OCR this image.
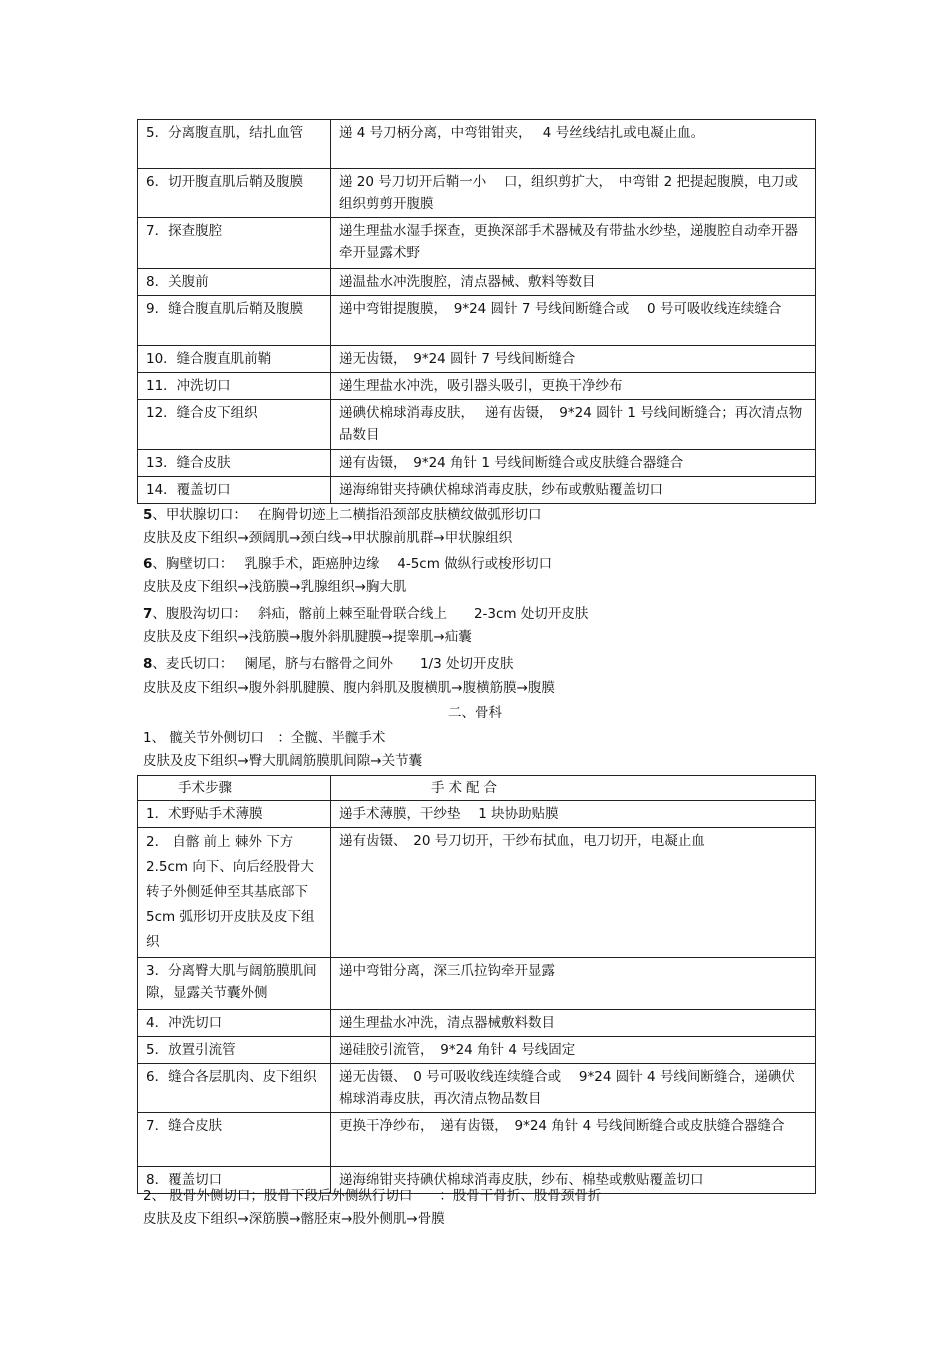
5．分离腹直肌，结扎血管	递 4 号刀柄分离，中弯钳钳夹，　 4 号丝线结扎或电凝止血。
6．切开腹直肌后鞘及腹膜	递 20 号刀切开后鞘一小　 口，组织剪扩大，　中弯钳 2 把提起腹膜，电刀或组织剪剪开腹膜
7．探查腹腔	递生理盐水湿手探查，更换深部手术器械及有带盐水纱垫，递腹腔自动牵开器牵开显露术野
8．关腹前	递温盐水冲洗腹腔，清点器械、敷料等数目
9．缝合腹直肌后鞘及腹膜	递中弯钳提腹膜，　9*24 圆针 7 号线间断缝合或　 0 号可吸收线连续缝合
10．缝合腹直肌前鞘	递无齿镊，　9*24 圆针 7 号线间断缝合
11．冲洗切口	递生理盐水冲洗，吸引器头吸引，更换干净纱布
12．缝合皮下组织	递碘伏棉球消毒皮肤，　 递有齿镊，　9*24 圆针 1 号线间断缝合；再次清点物品数目
13．缝合皮肤	递有齿镊，　9*24 角针 1 号线间断缝合或皮肤缝合器缝合
14．覆盖切口	递海绵钳夹持碘伏棉球消毒皮肤，纱布或敷贴覆盖切口
5、甲状腺切口：　 在胸骨切迹上二横指沿颈部皮肤横纹做弧形切口
皮肤及皮下组织→颈阔肌→颈白线→甲状腺前肌群→甲状腺组织
6、胸壁切口：　 乳腺手术，距癌肿边缘　 4-5cm 做纵行或梭形切口
皮肤及皮下组织→浅筋膜→乳腺组织→胸大肌
7、腹股沟切口：　 斜疝，髂前上棘至耻骨联合线上　　2-3cm 处切开皮肤
皮肤及皮下组织→浅筋膜→腹外斜肌腱膜→提睾肌→疝囊
8、麦氏切口：　 阑尾，脐与右髂骨之间外　　1/3 处切开皮肤
皮肤及皮下组织→腹外斜肌腱膜、腹内斜肌及腹横肌→腹横筋膜→腹膜
二、骨科
1、 髋关节外侧切口　：全髋、半髋手术
皮肤及皮下组织→臀大肌阔筋膜肌间隙→关节囊
手术步骤	手术配合
1．术野贴手术薄膜	递手术薄膜，干纱垫　 1 块协助贴膜
2． 自髂 前上 棘外 下方 2.5cm 向下、向后经股骨大转子外侧延伸至其基底部下　5cm 弧形切开皮肤及皮下组织	递有齿镊、　20 号刀切开，干纱布拭血，电刀切开，电凝止血
3．分离臀大肌与阔筋膜肌间隙，显露关节囊外侧	递中弯钳分离，深三爪拉钩牵开显露
4．冲洗切口	递生理盐水冲洗，清点器械敷料数目
5．放置引流管	递硅胶引流管，　9*24 角针 4 号线固定
6．缝合各层肌肉、皮下组织	递无齿镊、　0 号可吸收线连续缝合或　 9*24 圆针 4 号线间断缝合，递碘伏棉球消毒皮肤，再次清点物品数目
7．缝合皮肤	更换干净纱布，　递有齿镊，　9*24 角针 4 号线间断缝合或皮肤缝合器缝合
8．覆盖切口	递海绵钳夹持碘伏棉球消毒皮肤，纱布、棉垫或敷贴覆盖切口
2、 股骨外侧切口；股骨下段后外侧纵行切口　　：股骨干骨折、股骨颈骨折
皮肤及皮下组织→深筋膜→髂胫束→股外侧肌→骨膜
